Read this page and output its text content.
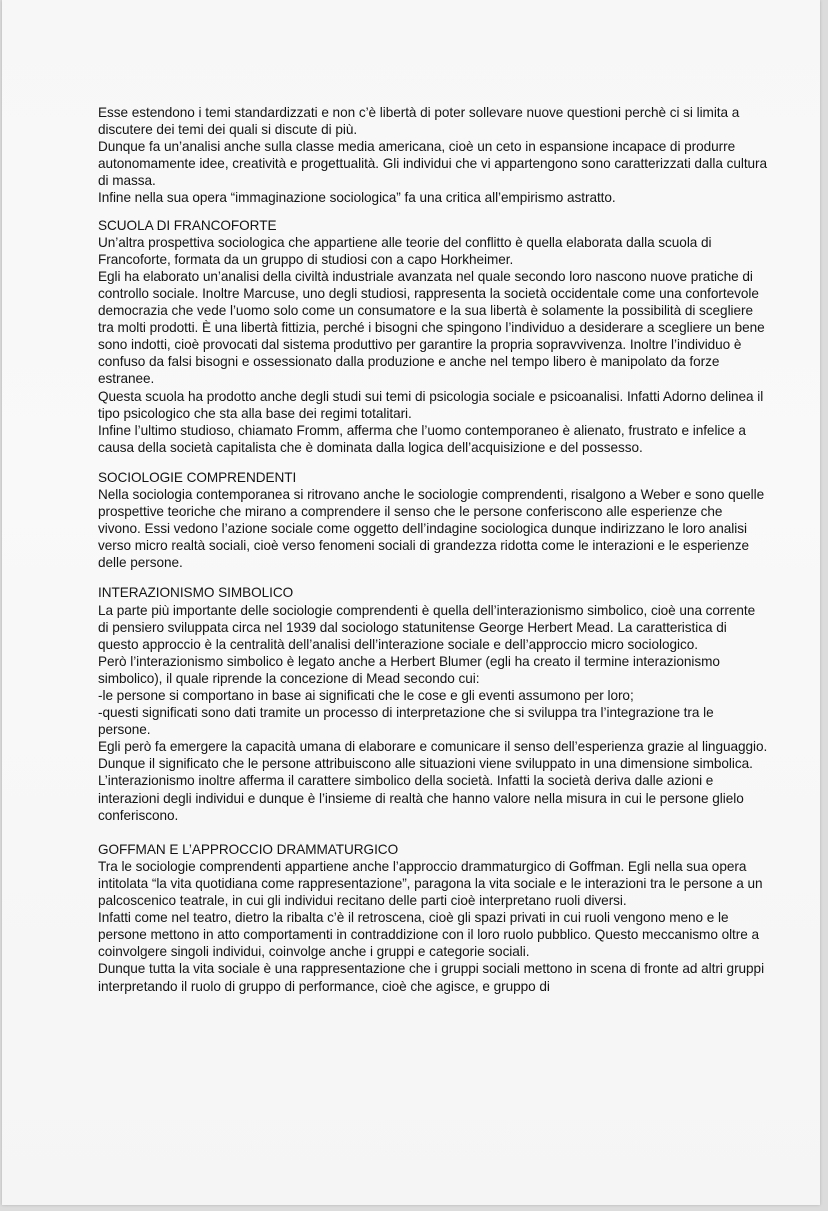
Esse estendono i temi standardizzati e non c’è libertà di poter sollevare nuove questioni perchè ci si limita a discutere dei temi dei quali si discute di più.

Dunque fa un’analisi anche sulla classe media americana, cioè un ceto in espansione incapace di produrre autonomamente idee, creatività e progettualità. Gli individui che vi appartengono sono caratterizzati dalla cultura di massa.

Infine nella sua opera “immaginazione sociologica” fa una critica all’empirismo astratto.

SCUOLA DI FRANCOFORTE

Un’altra prospettiva sociologica che appartiene alle teorie del conflitto è quella elaborata dalla scuola di Francoforte, formata da un gruppo di studiosi con a capo Horkheimer.

Egli ha elaborato un’analisi della civiltà industriale avanzata nel quale secondo loro nascono nuove pratiche di controllo sociale. Inoltre Marcuse, uno degli studiosi, rappresenta la società occidentale come una confortevole democrazia che vede l’uomo solo come un consumatore e la sua libertà è solamente la possibilità di scegliere tra molti prodotti. È una libertà fittizia, perché i bisogni che spingono l’individuo a desiderare a scegliere un bene sono indotti, cioè provocati dal sistema produttivo per garantire la propria sopravvivenza. Inoltre l’individuo è confuso da falsi bisogni e ossessionato dalla produzione e anche nel tempo libero è manipolato da forze estranee.

Questa scuola ha prodotto anche degli studi sui temi di psicologia sociale e psicoanalisi. Infatti Adorno delinea il tipo psicologico che sta alla base dei regimi totalitari.

Infine l’ultimo studioso, chiamato Fromm, afferma che l’uomo contemporaneo è alienato, frustrato e infelice a causa della società capitalista che è dominata dalla logica dell’acquisizione e del possesso.

SOCIOLOGIE COMPRENDENTI

Nella sociologia contemporanea si ritrovano anche le sociologie comprendenti, risalgono a Weber e sono quelle prospettive teoriche che mirano a comprendere il senso che le persone conferiscono alle esperienze che vivono. Essi vedono l’azione sociale come oggetto dell’indagine sociologica dunque indirizzano le loro analisi verso micro realtà sociali, cioè verso fenomeni sociali di grandezza ridotta come le interazioni e le esperienze delle persone.

INTERAZIONISMO SIMBOLICO

La parte più importante delle sociologie comprendenti è quella dell’interazionismo simbolico, cioè una corrente di pensiero sviluppata circa nel 1939 dal sociologo statunitense George Herbert Mead. La caratteristica di questo approccio è la centralità dell’analisi dell’interazione sociale e dell’approccio micro sociologico.

Però l’interazionismo simbolico è legato anche a Herbert Blumer (egli ha creato il termine interazionismo simbolico), il quale riprende la concezione di Mead secondo cui:

-le persone si comportano in base ai significati che le cose e gli eventi assumono per loro;

-questi significati sono dati tramite un processo di interpretazione che si sviluppa tra l’integrazione tra le persone.

Egli però fa emergere la capacità umana di elaborare e comunicare il senso dell’esperienza grazie al linguaggio. Dunque il significato che le persone attribuiscono alle situazioni viene sviluppato in una dimensione simbolica.

L’interazionismo inoltre afferma il carattere simbolico della società. Infatti la società deriva dalle azioni e interazioni degli individui e dunque è l’insieme di realtà che hanno valore nella misura in cui le persone glielo conferiscono.

GOFFMAN E L’APPROCCIO DRAMMATURGICO

Tra le sociologie comprendenti appartiene anche l’approccio drammaturgico di Goffman. Egli nella sua opera intitolata “la vita quotidiana come rappresentazione”, paragona la vita sociale e le interazioni tra le persone a un palcoscenico teatrale, in cui gli individui recitano delle parti cioè interpretano ruoli diversi.

Infatti come nel teatro, dietro la ribalta c’è il retroscena, cioè gli spazi privati in cui ruoli vengono meno e le persone mettono in atto comportamenti in contraddizione con il loro ruolo pubblico. Questo meccanismo oltre a coinvolgere singoli individui, coinvolge anche i gruppi e categorie sociali.

Dunque tutta la vita sociale è una rappresentazione che i gruppi sociali mettono in scena di fronte ad altri gruppi interpretando il ruolo di gruppo di performance, cioè che agisce, e gruppo di
